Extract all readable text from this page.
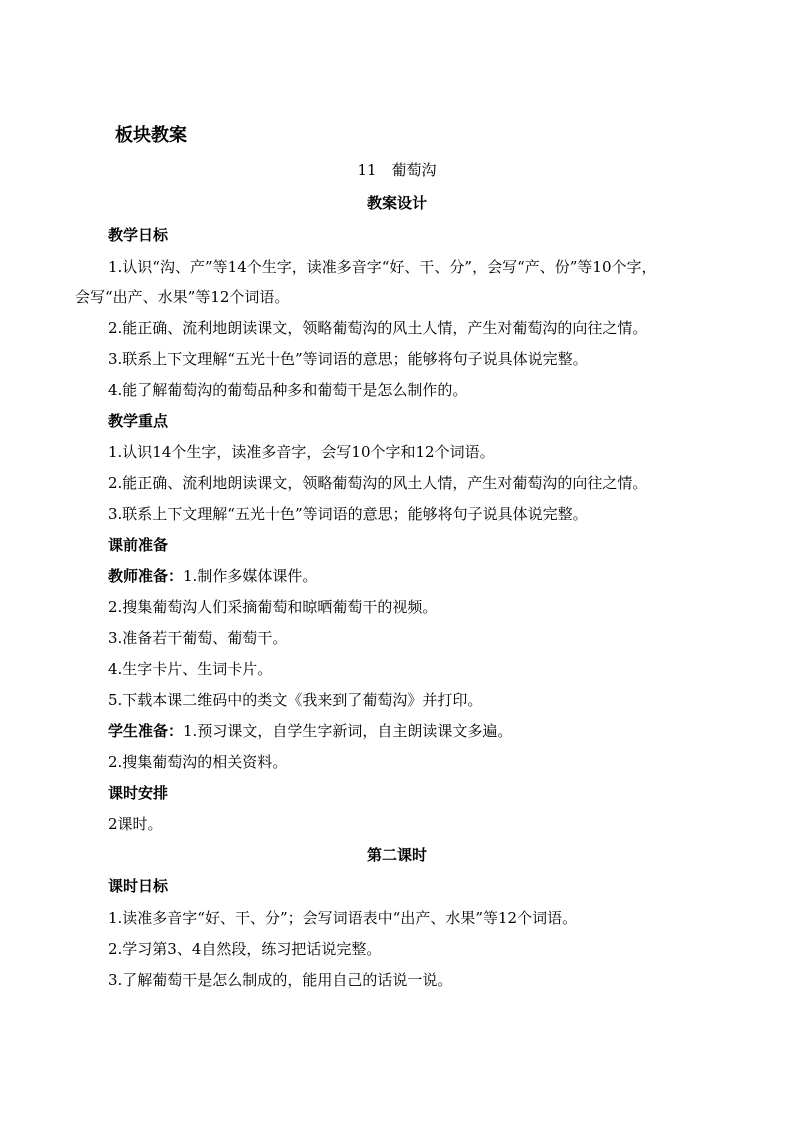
板块教案
11　葡萄沟
教案设计
教学日标
1.认识“沟、产”等14个生字，读准多音字“好、干、分”，会写“产、份”等10个字，
会写“出产、水果”等12个词语。
2.能正确、流利地朗读课文，领略葡萄沟的风土人情，产生对葡萄沟的向往之情。
3.联系上下文理解“五光十色”等词语的意思；能够将句子说具体说完整。
4.能了解葡萄沟的葡萄品种多和葡萄干是怎么制作的。
教学重点
1.认识14个生字，读准多音字，会写10个字和12个词语。
2.能正确、流利地朗读课文，领略葡萄沟的风土人情，产生对葡萄沟的向往之情。
3.联系上下文理解“五光十色”等词语的意思；能够将句子说具体说完整。
课前准备
教师准备：1.制作多媒体课件。
2.搜集葡萄沟人们采摘葡萄和晾晒葡萄干的视频。
3.准备若干葡萄、葡萄干。
4.生字卡片、生词卡片。
5.下载本课二维码中的类文《我来到了葡萄沟》并打印。
学生准备：1.预习课文，自学生字新词，自主朗读课文多遍。
2.搜集葡萄沟的相关资料。
课时安排
2课时。
第二课时
课时日标
1.读准多音字“好、干、分”；会写词语表中“出产、水果”等12个词语。
2.学习第3、4自然段，练习把话说完整。
3.了解葡萄干是怎么制成的，能用自己的话说一说。
